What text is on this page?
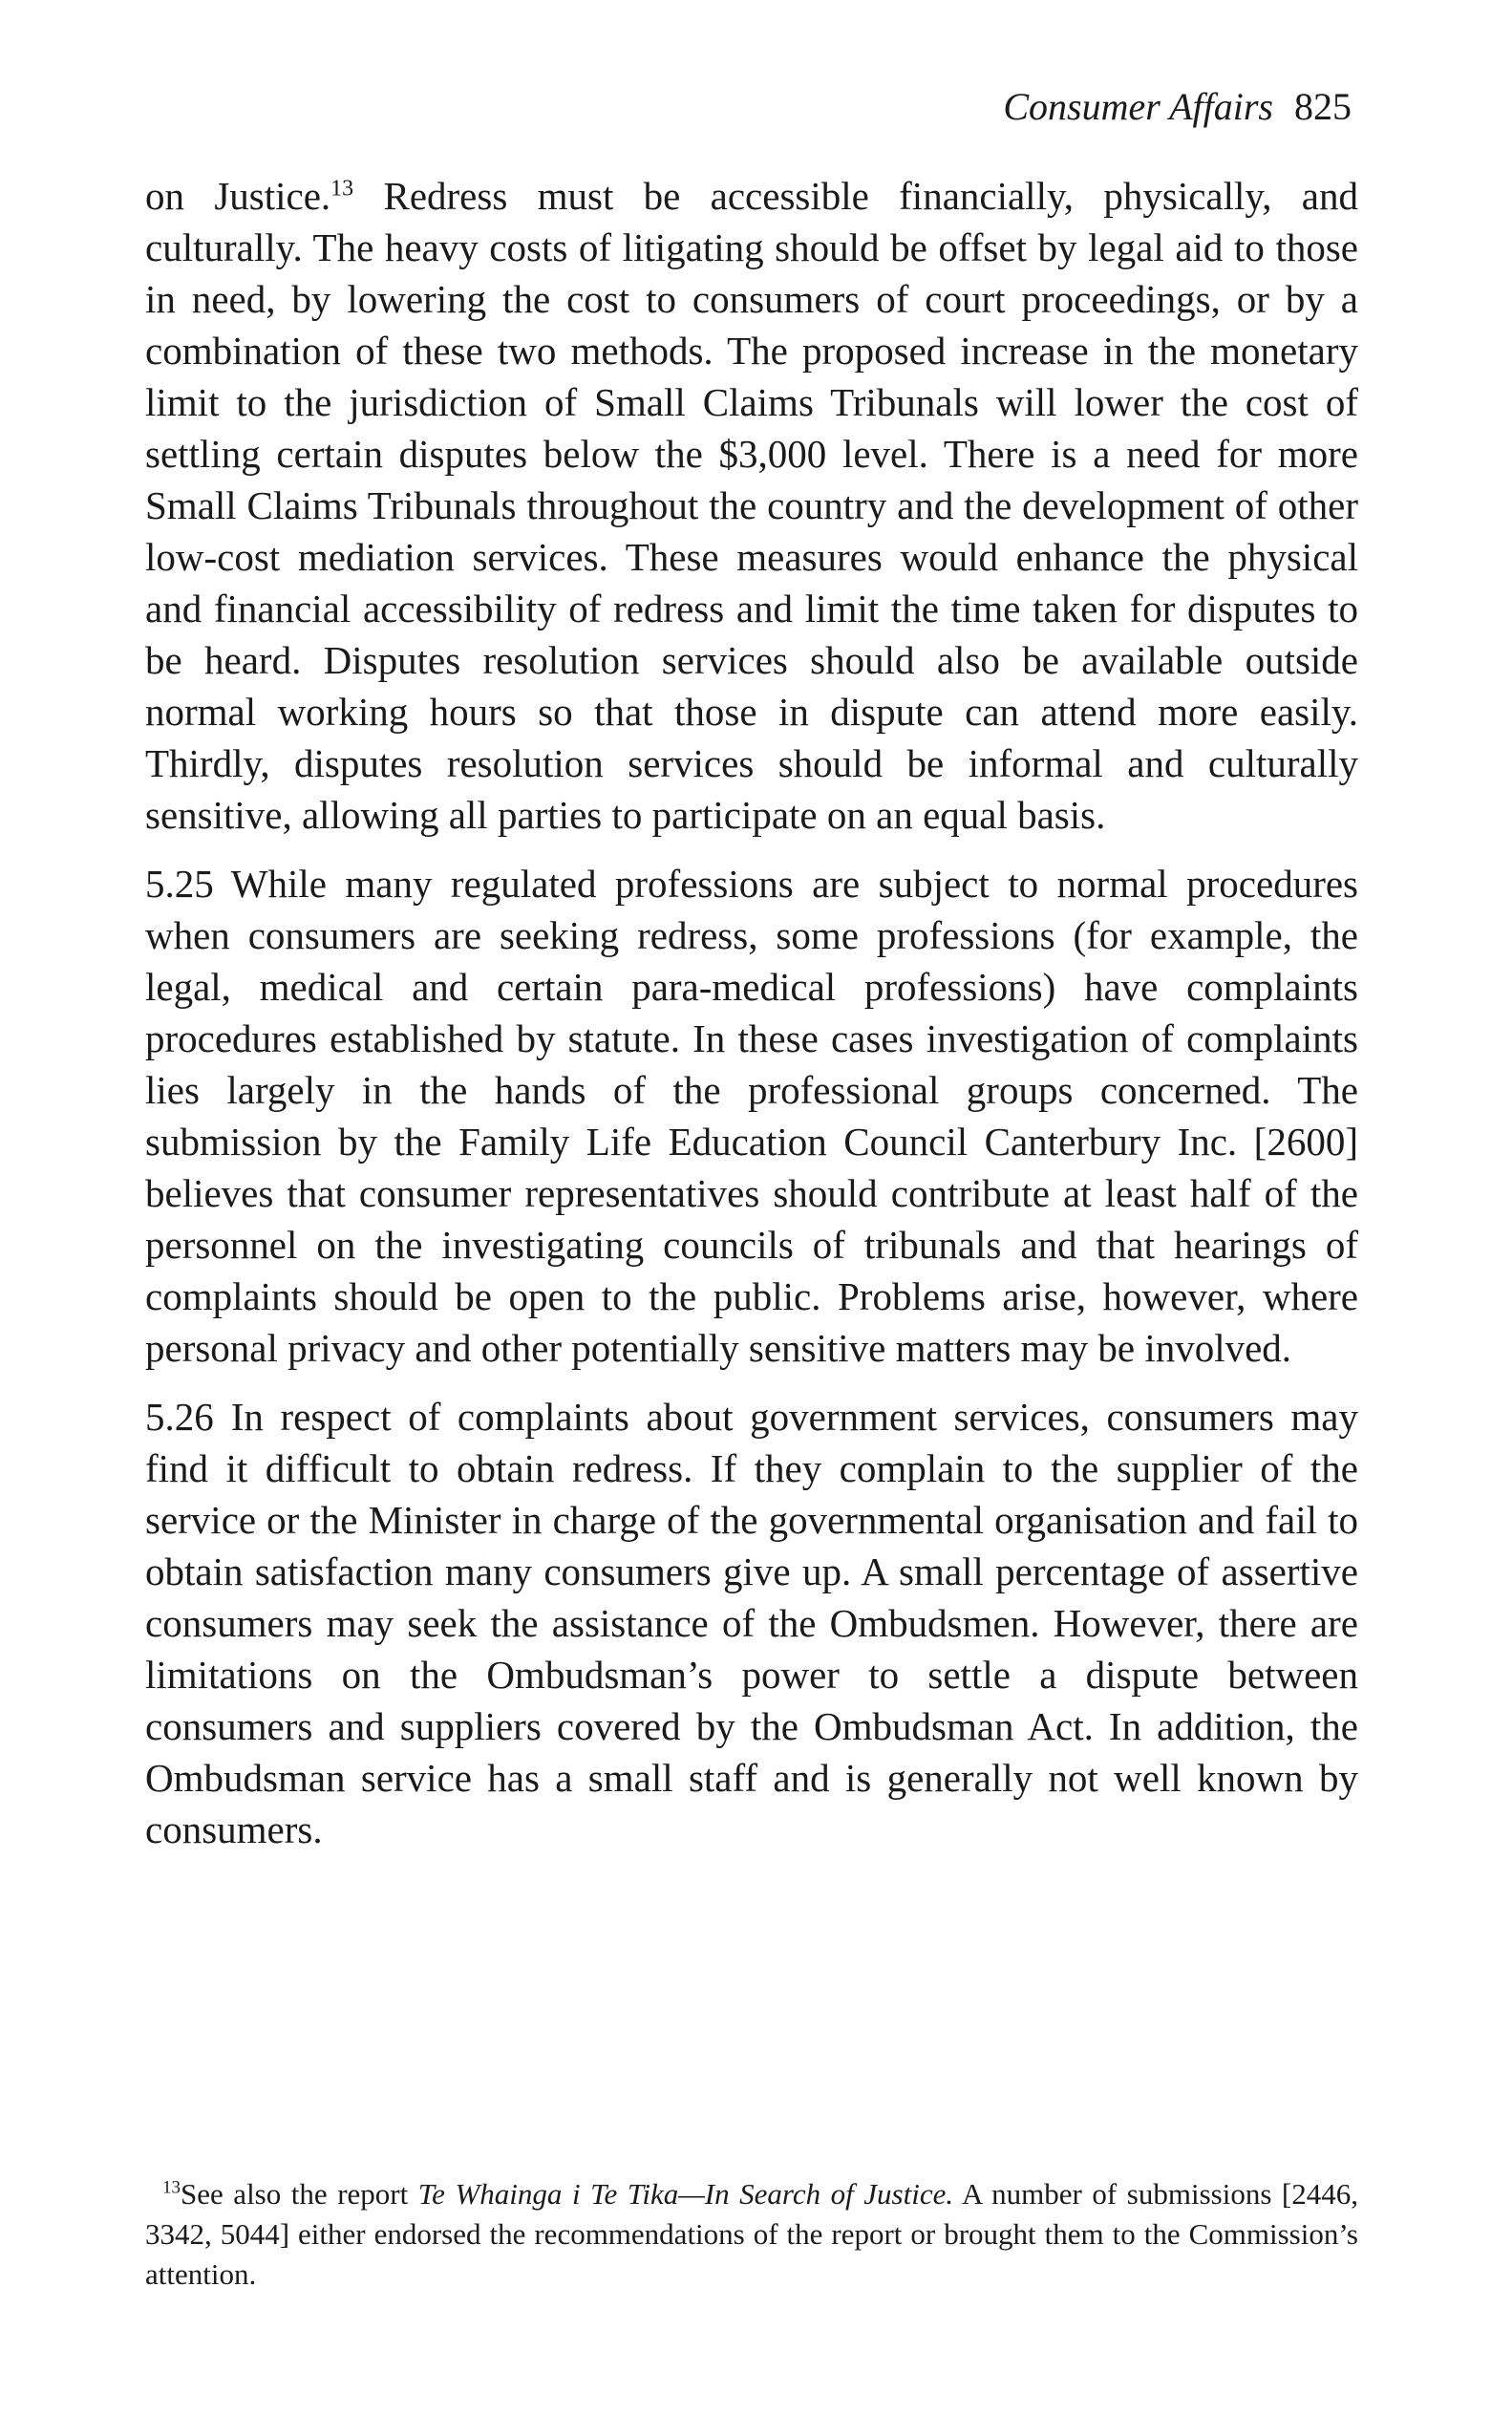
Consumer Affairs 825

on Justice.$^{13}$ Redress must be accessible financially, physically, and culturally. The heavy costs of litigating should be offset by legal aid to those in need, by lowering the cost to consumers of court proceedings, or by a combination of these two methods. The proposed increase in the monetary limit to the jurisdiction of Small Claims Tribunals will lower the cost of settling certain disputes below the $3,000 level. There is a need for more Small Claims Tribunals throughout the country and the development of other low-cost mediation services. These measures would enhance the physical and financial accessibility of redress and limit the time taken for disputes to be heard. Disputes resolution services should also be available outside normal working hours so that those in dispute can attend more easily. Thirdly, disputes resolution services should be informal and culturally sensitive, allowing all parties to participate on an equal basis.

5.25 While many regulated professions are subject to normal procedures when consumers are seeking redress, some professions (for example, the legal, medical and certain para-medical professions) have complaints procedures established by statute. In these cases investigation of complaints lies largely in the hands of the professional groups concerned. The submission by the Family Life Education Council Canterbury Inc. [2600] believes that consumer representatives should contribute at least half of the personnel on the investigating councils of tribunals and that hearings of complaints should be open to the public. Problems arise, however, where personal privacy and other potentially sensitive matters may be involved.

5.26 In respect of complaints about government services, consumers may find it difficult to obtain redress. If they complain to the supplier of the service or the Minister in charge of the governmental organisation and fail to obtain satisfaction many consumers give up. A small percentage of assertive consumers may seek the assistance of the Ombudsmen. However, there are limitations on the Ombudsman’s power to settle a dispute between consumers and suppliers covered by the Ombudsman Act. In addition, the Ombudsman service has a small staff and is generally not well known by consumers.

$^{13}$See also the report Te Whainga i Te Tika—In Search of Justice. A number of submissions [2446, 3342, 5044] either endorsed the recommendations of the report or brought them to the Commission’s attention.
